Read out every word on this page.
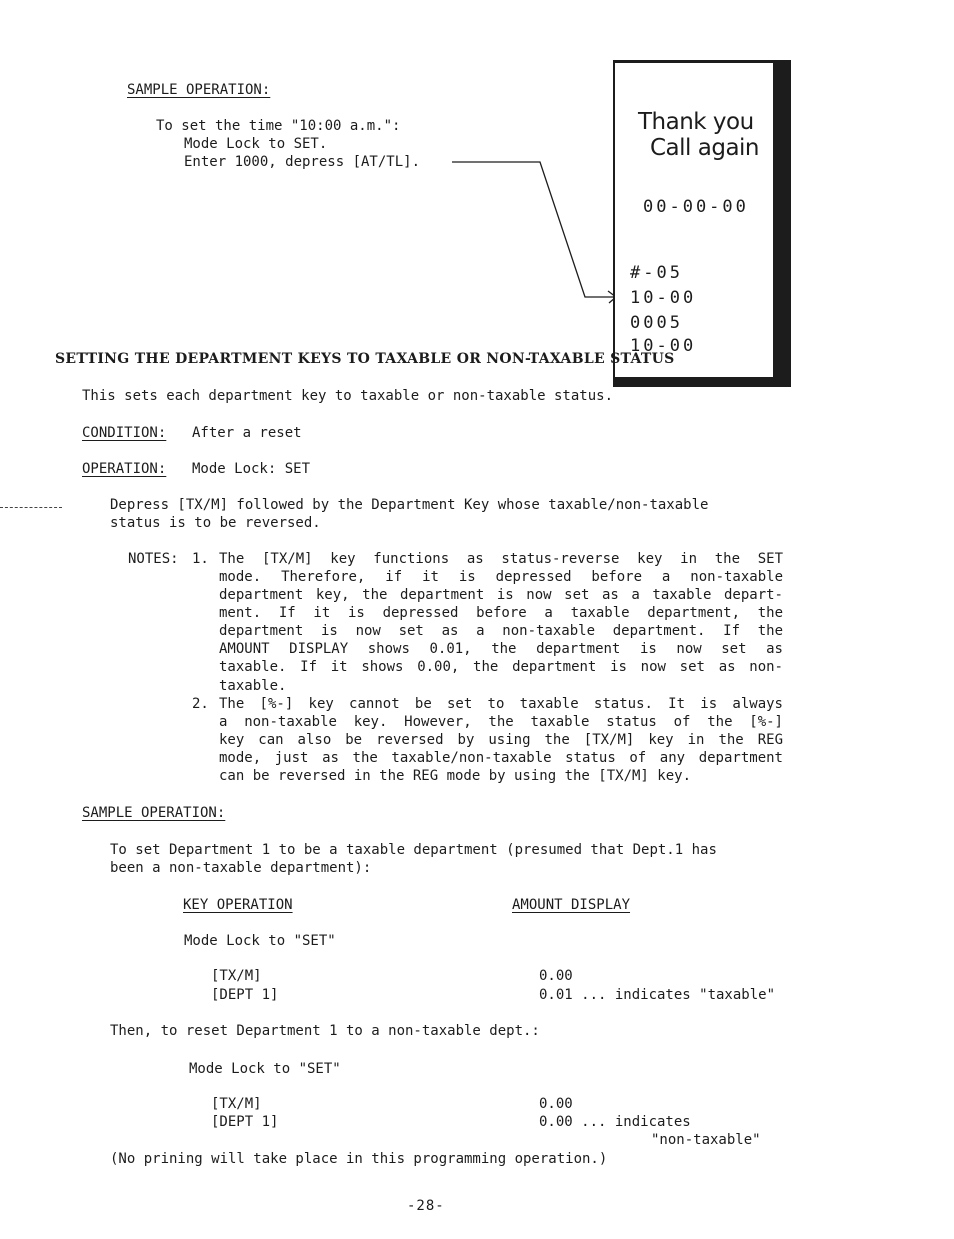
SAMPLE OPERATION:
To set the time "10:00 a.m.":
Mode Lock to SET.
Enter 1000, depress [AT/TL].
Thank you
Call again
00-00-00
#-05
10-00
0005
10-00
SETTING THE DEPARTMENT KEYS TO TAXABLE OR NON-TAXABLE STATUS
This sets each department key to taxable or non-taxable status.
CONDITION: After a reset
OPERATION: Mode Lock: SET
Depress [TX/M] followed by the Department Key whose taxable/non-taxable
status is to be reversed.
NOTES: 1. The [TX/M] key functions as status-reverse key in the SET
mode. Therefore, if it is depressed before a non-taxable
department key, the department is now set as a taxable depart-
ment. If it is depressed before a taxable department, the
department is now set as a non-taxable department. If the
AMOUNT DISPLAY shows 0.01, the department is now set as
taxable. If it shows 0.00, the department is now set as non-
taxable.
2. The [%-] key cannot be set to taxable status. It is always
a non-taxable key. However, the taxable status of the [%-]
key can also be reversed by using the [TX/M] key in the REG
mode, just as the taxable/non-taxable status of any department
can be reversed in the REG mode by using the [TX/M] key.
SAMPLE OPERATION:
To set Department 1 to be a taxable department (presumed that Dept.1 has
been a non-taxable department):
KEY OPERATION	AMOUNT DISPLAY
Mode Lock to "SET"
[TX/M]	0.00
[DEPT 1]	0.01 ... indicates "taxable"
Then, to reset Department 1 to a non-taxable dept.:
Mode Lock to "SET"
[TX/M]	0.00
[DEPT 1]	0.00 ... indicates
"non-taxable"
(No prining will take place in this programming operation.)
-28-
